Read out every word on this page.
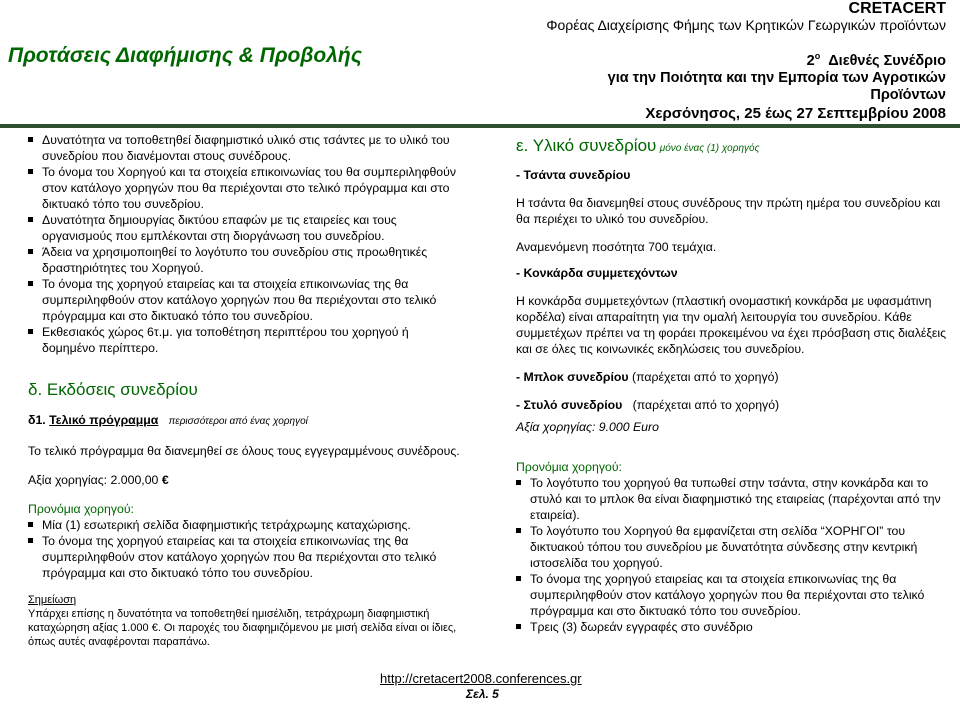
Προτάσεις Διαφήμισης & Προβολής
CRETACERT
Φορέας Διαχείρισης Φήμης των Κρητικών Γεωργικών προϊόντων
$2^o$ Διεθνές Συνέδριο
για την Ποιότητα και την Εμπορία των Αγροτικών
Προϊόντων
Χερσόνησος, 25 έως 27 Σεπτεμβρίου 2008
Δυνατότητα να τοποθετηθεί διαφημιστικό υλικό στις τσάντες με το υλικό του συνεδρίου που διανέμονται στους συνέδρους.
Το όνομα του Χορηγού και τα στοιχεία επικοινωνίας του θα συμπεριληφθούν στον κατάλογο χορηγών που θα περιέχονται στο τελικό πρόγραμμα και στο δικτυακό τόπο του συνεδρίου.
Δυνατότητα δημιουργίας δικτύου επαφών με τις εταιρείες και τους οργανισμούς που εμπλέκονται στη διοργάνωση του συνεδρίου.
Άδεια να χρησιμοποιηθεί το λογότυπο του συνεδρίου στις προωθητικές δραστηριότητες του Χορηγού.
Το όνομα της χορηγού εταιρείας και τα στοιχεία επικοινωνίας της θα συμπεριληφθούν στον κατάλογο χορηγών που θα περιέχονται στο τελικό πρόγραμμα και στο δικτυακό τόπο του συνεδρίου.
Εκθεσιακός χώρος 6τ.μ. για τοποθέτηση περιπτέρου του χορηγού ή δομημένο περίπτερο.
δ. Εκδόσεις συνεδρίου
δ1. Τελικό πρόγραμμα περισσότεροι από ένας χορηγοί
Το τελικό πρόγραμμα θα διανεμηθεί σε όλους τους εγγεγραμμένους συνέδρους.
Αξία χορηγίας: 2.000,00 €
Προνόμια χορηγού:
Μία (1) εσωτερική σελίδα διαφημιστικής τετράχρωμης καταχώρισης.
Το όνομα της χορηγού εταιρείας και τα στοιχεία επικοινωνίας της θα συμπεριληφθούν στον κατάλογο χορηγών που θα περιέχονται στο τελικό πρόγραμμα και στο δικτυακό τόπο του συνεδρίου.
Σημείωση
Υπάρχει επίσης η δυνατότητα να τοποθετηθεί ημισέλιδη, τετράχρωμη διαφημιστική καταχώρηση αξίας 1.000 €. Οι παροχές του διαφημιζόμενου με μισή σελίδα είναι οι ίδιες, όπως αυτές αναφέρονται παραπάνω.
ε. Υλικό συνεδρίου μόνο ένας (1) χορηγός
- Τσάντα συνεδρίου
Η τσάντα θα διανεμηθεί στους συνέδρους την πρώτη ημέρα του συνεδρίου και θα περιέχει το υλικό του συνεδρίου.
Αναμενόμενη ποσότητα 700 τεμάχια.
- Κονκάρδα συμμετεχόντων
Η κονκάρδα συμμετεχόντων (πλαστική ονομαστική κονκάρδα με υφασμάτινη κορδέλα) είναι απαραίτητη για την ομαλή λειτουργία του συνεδρίου. Κάθε συμμετέχων πρέπει να τη φοράει προκειμένου να έχει πρόσβαση στις διαλέξεις και σε όλες τις κοινωνικές εκδηλώσεις του συνεδρίου.
- Μπλοκ συνεδρίου (παρέχεται από το χορηγό)
- Στυλό συνεδρίου (παρέχεται από το χορηγό)
Αξία χορηγίας: 9.000 Euro
Προνόμια χορηγού:
Το λογότυπο του χορηγού θα τυπωθεί στην τσάντα, στην κονκάρδα και το στυλό και το μπλοκ θα είναι διαφημιστικό της εταιρείας (παρέχονται από την εταιρεία).
Το λογότυπο του Χορηγού θα εμφανίζεται στη σελίδα “ΧΟΡΗΓΟΙ” του δικτυακού τόπου του συνεδρίου με δυνατότητα σύνδεσης στην κεντρική ιστοσελίδα του χορηγού.
Το όνομα της χορηγού εταιρείας και τα στοιχεία επικοινωνίας της θα συμπεριληφθούν στον κατάλογο χορηγών που θα περιέχονται στο τελικό πρόγραμμα και στο δικτυακό τόπο του συνεδρίου.
Τρεις (3) δωρεάν εγγραφές στο συνέδριο
http://cretacert2008.conferences.gr
Σελ. 5
